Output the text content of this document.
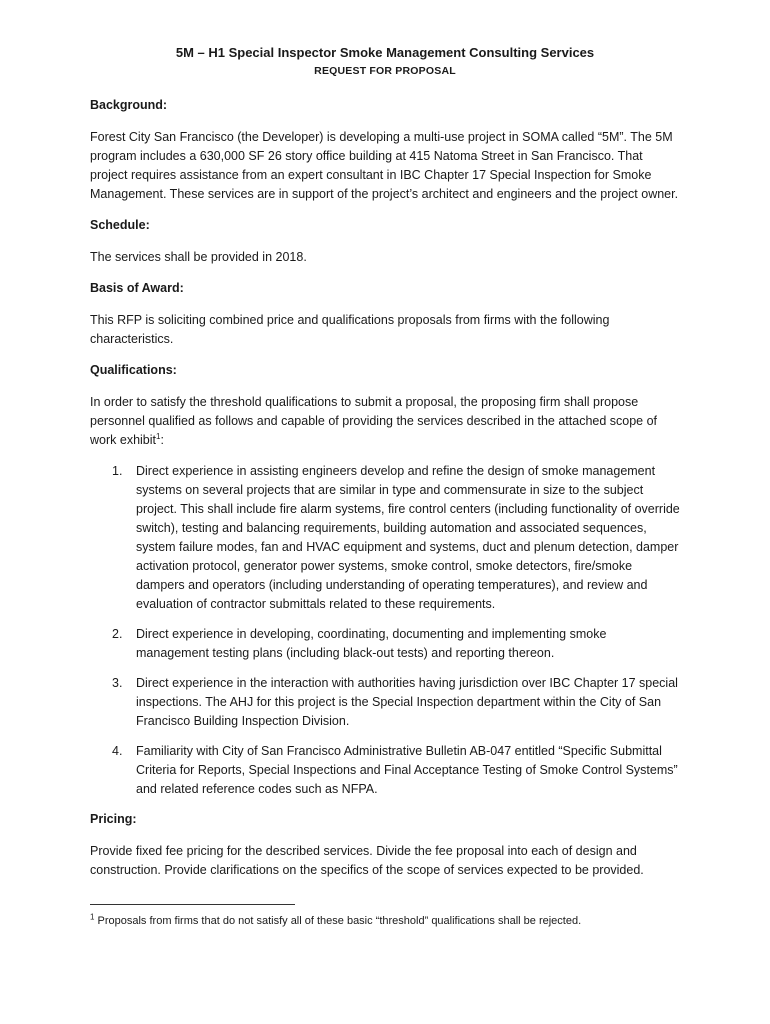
5M – H1 Special Inspector Smoke Management Consulting Services
REQUEST FOR PROPOSAL

Background:

Forest City San Francisco (the Developer) is developing a multi-use project in SOMA called “5M”. The 5M program includes a 630,000 SF 26 story office building at 415 Natoma Street in San Francisco. That project requires assistance from an expert consultant in IBC Chapter 17 Special Inspection for Smoke Management. These services are in support of the project’s architect and engineers and the project owner.

Schedule:

The services shall be provided in 2018.

Basis of Award:

This RFP is soliciting combined price and qualifications proposals from firms with the following characteristics.

Qualifications:

In order to satisfy the threshold qualifications to submit a proposal, the proposing firm shall propose personnel qualified as follows and capable of providing the services described in the attached scope of work exhibit$^1$:

1. Direct experience in assisting engineers develop and refine the design of smoke management systems on several projects that are similar in type and commensurate in size to the subject project. This shall include fire alarm systems, fire control centers (including functionality of override switch), testing and balancing requirements, building automation and associated sequences, system failure modes, fan and HVAC equipment and systems, duct and plenum detection, damper activation protocol, generator power systems, smoke control, smoke detectors, fire/smoke dampers and operators (including understanding of operating temperatures), and review and evaluation of contractor submittals related to these requirements.
2. Direct experience in developing, coordinating, documenting and implementing smoke management testing plans (including black-out tests) and reporting thereon.
3. Direct experience in the interaction with authorities having jurisdiction over IBC Chapter 17 special inspections. The AHJ for this project is the Special Inspection department within the City of San Francisco Building Inspection Division.
4. Familiarity with City of San Francisco Administrative Bulletin AB-047 entitled “Specific Submittal Criteria for Reports, Special Inspections and Final Acceptance Testing of Smoke Control Systems” and related reference codes such as NFPA.

Pricing:

Provide fixed fee pricing for the described services. Divide the fee proposal into each of design and construction. Provide clarifications on the specifics of the scope of services expected to be provided.

$^1$ Proposals from firms that do not satisfy all of these basic “threshold” qualifications shall be rejected.
